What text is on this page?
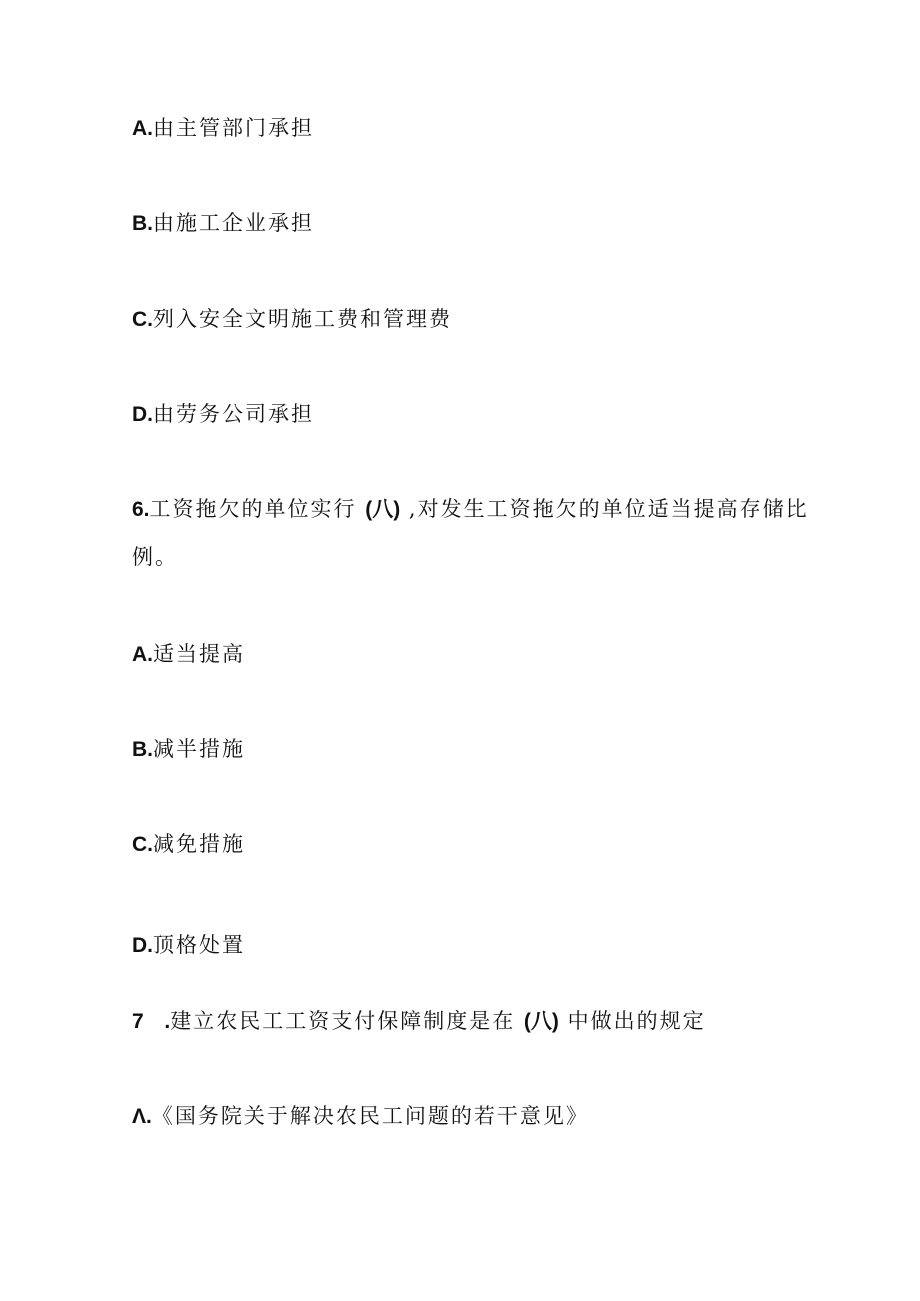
A.由主管部门承担
B.由施工企业承担
C.列入安全文明施工费和管理费
D.由劳务公司承担
6.工资拖欠的单位实行 (八) ,对发生工资拖欠的单位适当提高存储比
例。
A.适当提高
B.减半措施
C.减免措施
D.顶格处置
7 .建立农民工工资支付保障制度是在 (八) 中做出的规定
Λ.《国务院关于解决农民工问题的若干意见》
